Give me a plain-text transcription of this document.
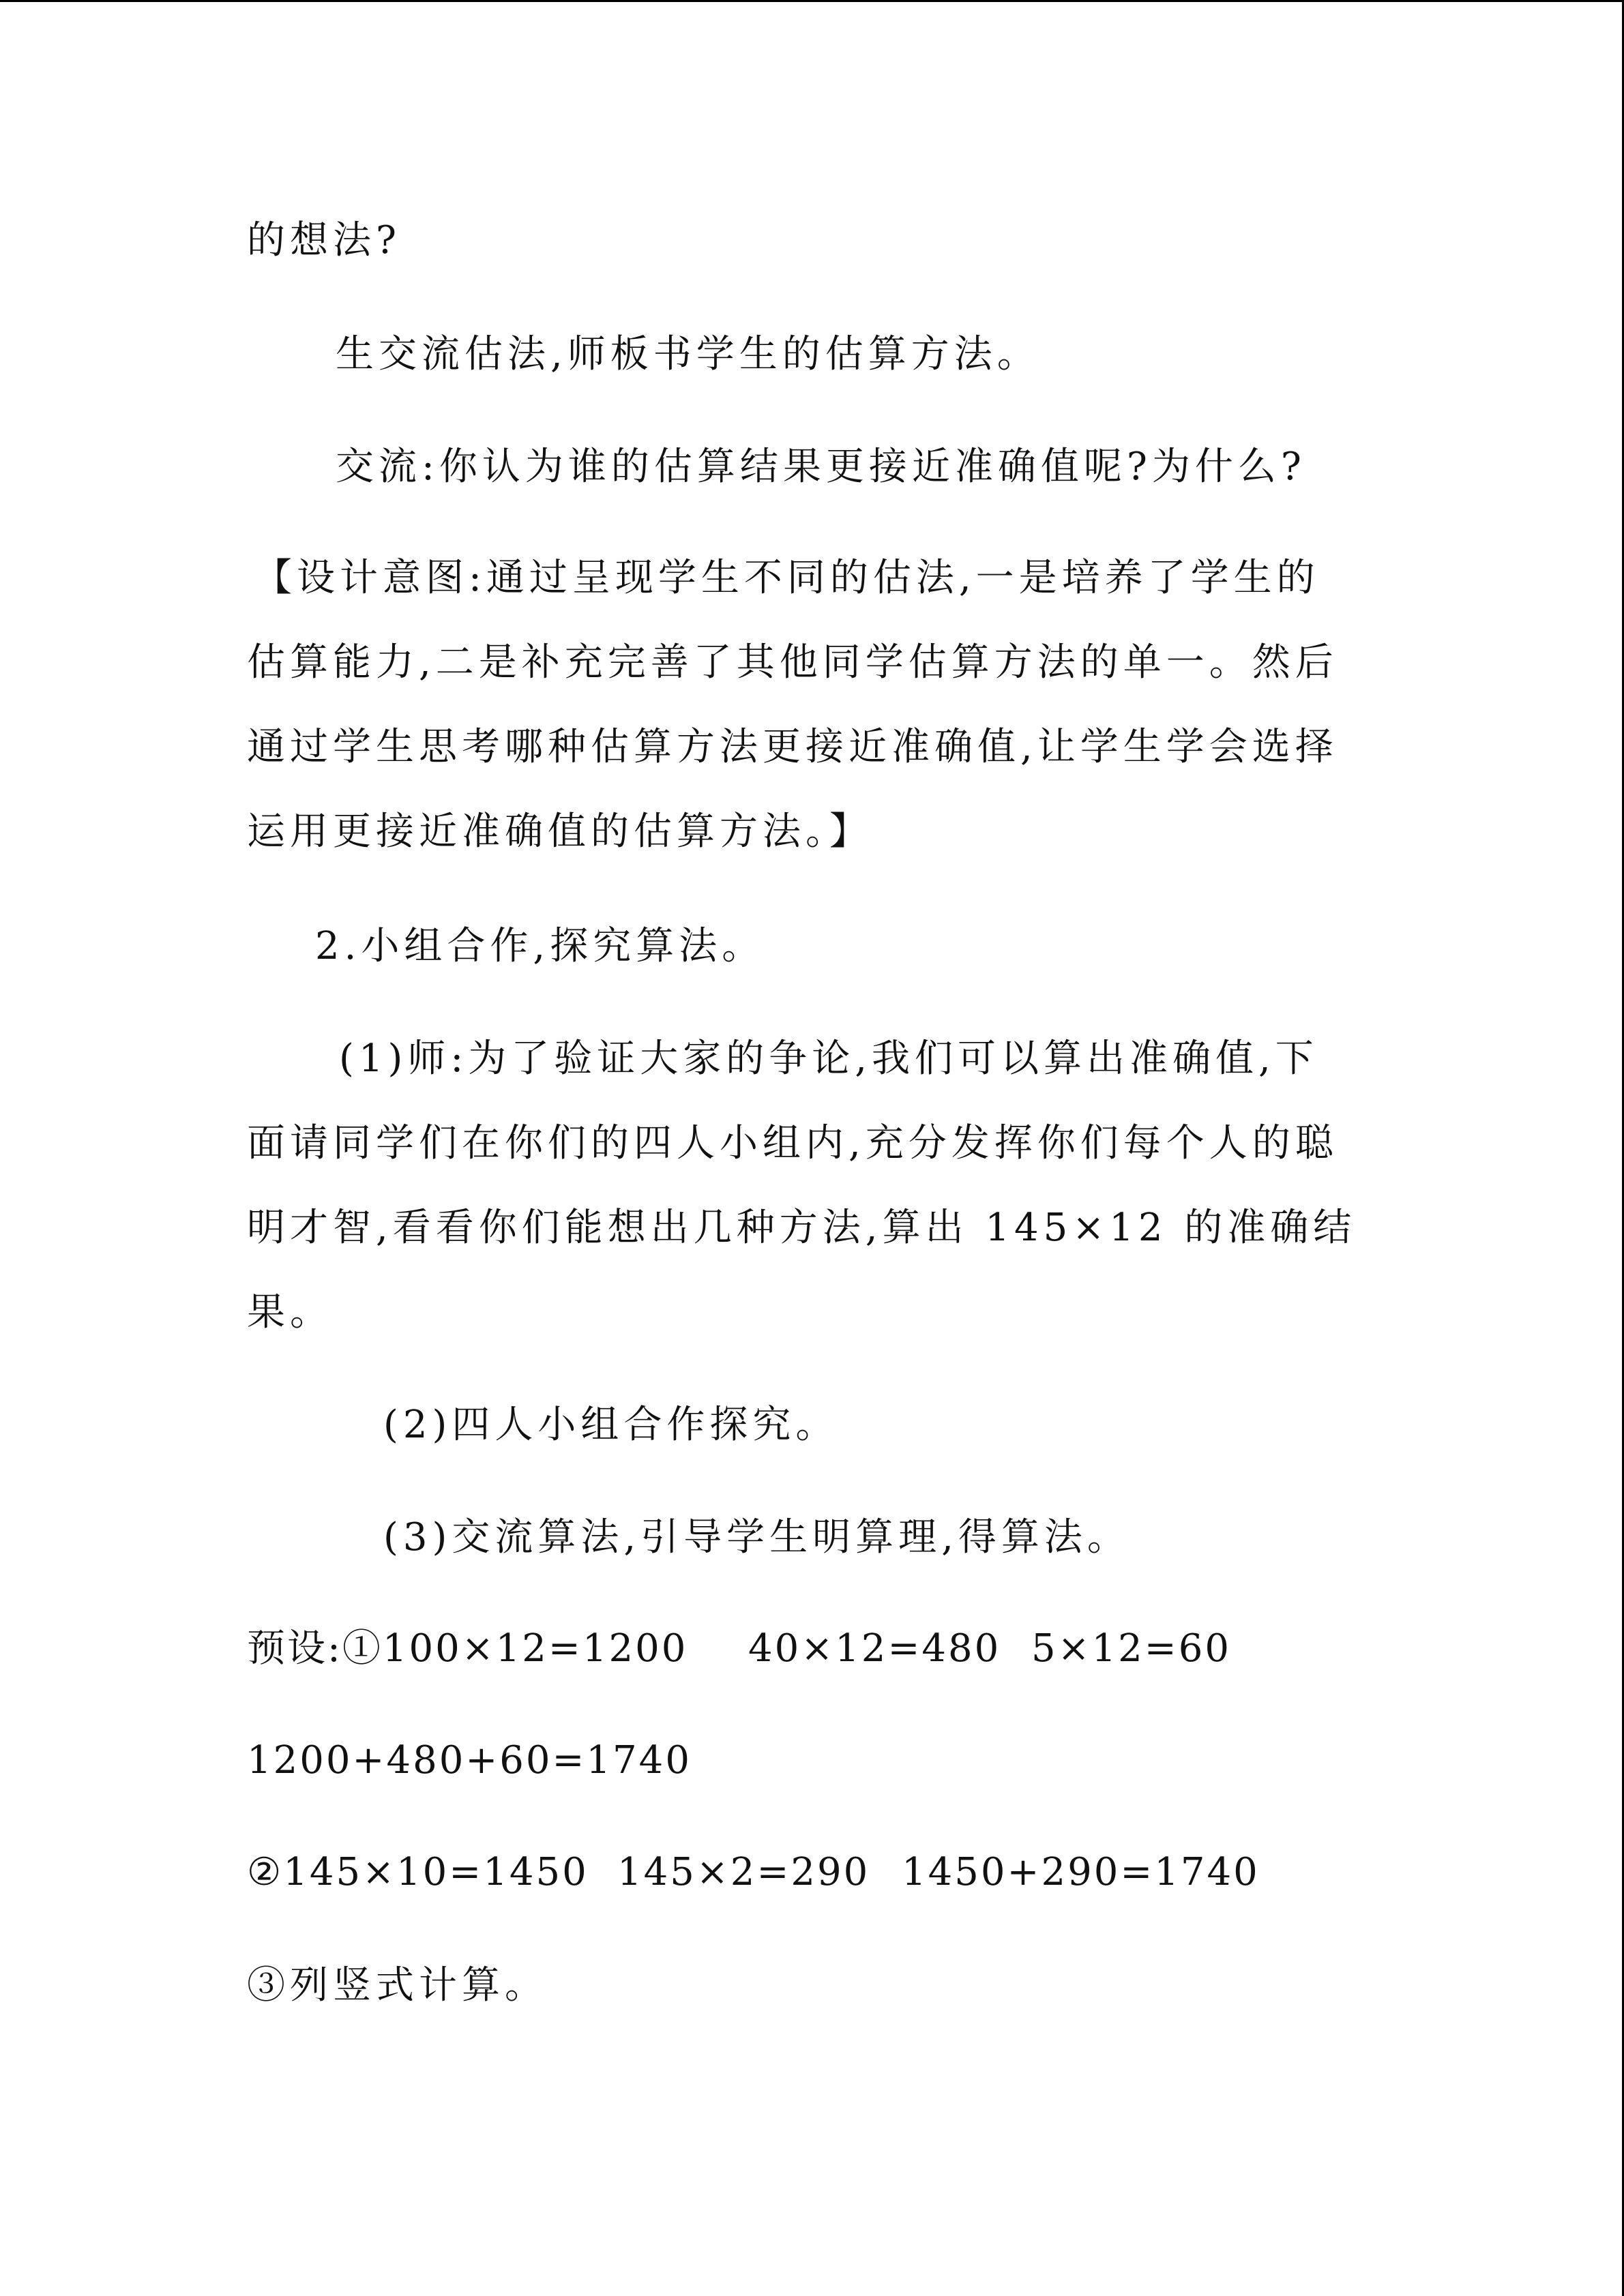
的想法?
生交流估法,师板书学生的估算方法。
交流:你认为谁的估算结果更接近准确值呢?为什么?
【设计意图:通过呈现学生不同的估法,一是培养了学生的
估算能力,二是补充完善了其他同学估算方法的单一。然后
通过学生思考哪种估算方法更接近准确值,让学生学会选择
运用更接近准确值的估算方法。】
2.小组合作,探究算法。
(1)师:为了验证大家的争论,我们可以算出准确值,下
面请同学们在你们的四人小组内,充分发挥你们每个人的聪
明才智,看看你们能想出几种方法,算出 145×12 的准确结
果。
(2)四人小组合作探究。
(3)交流算法,引导学生明算理,得算法。
预设:①100×12=1200 40×12=480 5×12=60
1200+480+60=1740
②145×10=1450 145×2=290 1450+290=1740
③列竖式计算。
